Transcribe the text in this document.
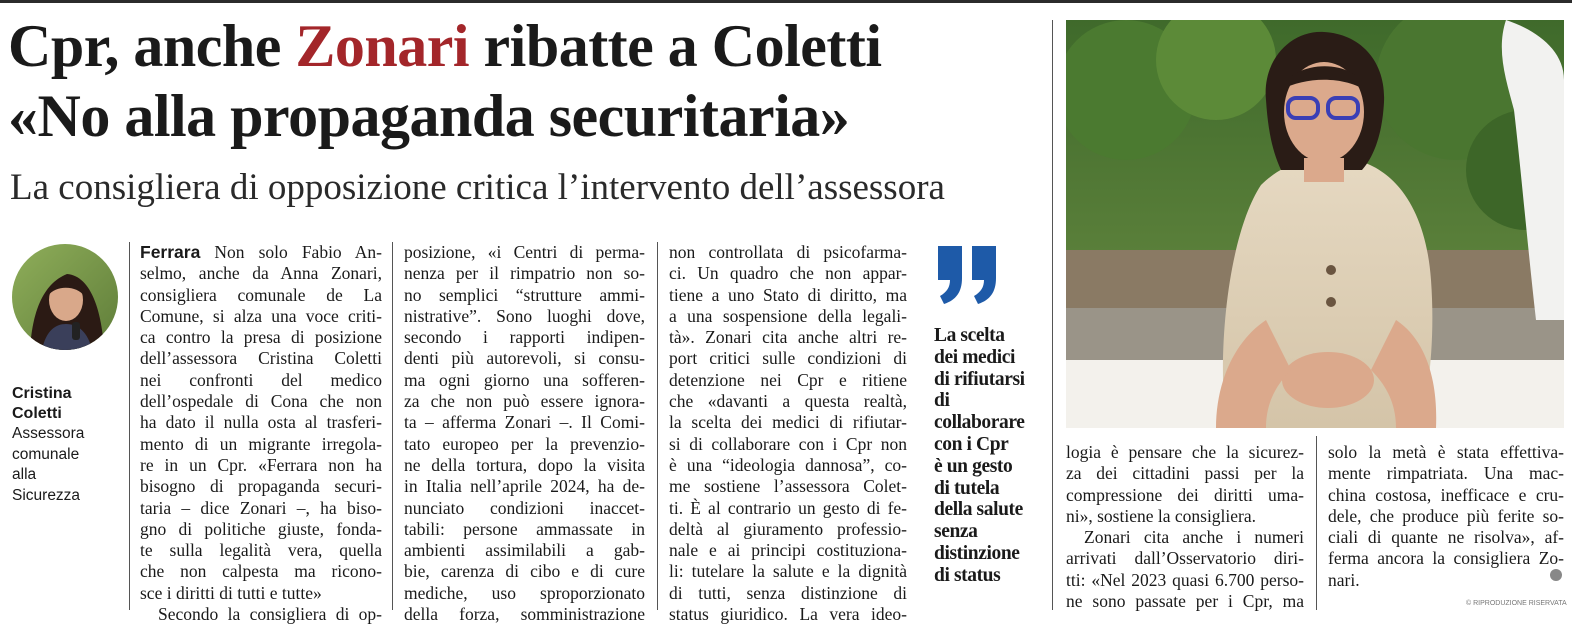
Cpr, anche Zonari ribatte a Coletti
«No alla propaganda securitaria»
La consigliera di opposizione critica l’intervento dell’assessora
Cristina
Coletti
Assessora
comunale
alla
Sicurezza
Ferrara Non solo Fabio An-
selmo, anche da Anna Zonari,
consigliera comunale de La
Comune, si alza una voce criti-
ca contro la presa di posizione
dell’assessora Cristina Coletti
nei confronti del medico
dell’ospedale di Cona che non
ha dato il nulla osta al trasferi-
mento di un migrante irregola-
re in un Cpr. «Ferrara non ha
bisogno di propaganda securi-
taria – dice Zonari –, ha biso-
gno di politiche giuste, fonda-
te sulla legalità vera, quella
che non calpesta ma ricono-
sce i diritti di tutti e tutte»
Secondo la consigliera di op-
posizione, «i Centri di perma-
nenza per il rimpatrio non so-
no semplici “strutture ammi-
nistrative”. Sono luoghi dove,
secondo i rapporti indipen-
denti più autorevoli, si consu-
ma ogni giorno una sofferen-
za che non può essere ignora-
ta – afferma Zonari –. Il Comi-
tato europeo per la prevenzio-
ne della tortura, dopo la visita
in Italia nell’aprile 2024, ha de-
nunciato condizioni inaccet-
tabili: persone ammassate in
ambienti assimilabili a gab-
bie, carenza di cibo e di cure
mediche, uso sproporzionato
della forza, somministrazione
non controllata di psicofarma-
ci. Un quadro che non appar-
tiene a uno Stato di diritto, ma
a una sospensione della legali-
tà». Zonari cita anche altri re-
port critici sulle condizioni di
detenzione nei Cpr e ritiene
che «davanti a questa realtà,
la scelta dei medici di rifiutar-
si di collaborare con i Cpr non
è una “ideologia dannosa”, co-
me sostiene l’assessora Colet-
ti. È al contrario un gesto di fe-
deltà al giuramento professio-
nale e ai principi costituziona-
li: tutelare la salute e la dignità
di tutti, senza distinzione di
status giuridico. La vera ideo-
La scelta
dei medici
di rifiutarsi
di
collaborare
con i Cpr
è un gesto
di tutela
della salute
senza
distinzione
di status
logia è pensare che la sicurez-
za dei cittadini passi per la
compressione dei diritti uma-
ni», sostiene la consigliera.
Zonari cita anche i numeri
arrivati dall’Osservatorio diri-
tti: «Nel 2023 quasi 6.700 perso-
ne sono passate per i Cpr, ma
solo la metà è stata effettiva-
mente rimpatriata. Una mac-
china costosa, inefficace e cru-
dele, che produce più ferite so-
ciali di quante ne risolva», af-
ferma ancora la consigliera Zo-
nari.
© RIPRODUZIONE RISERVATA
